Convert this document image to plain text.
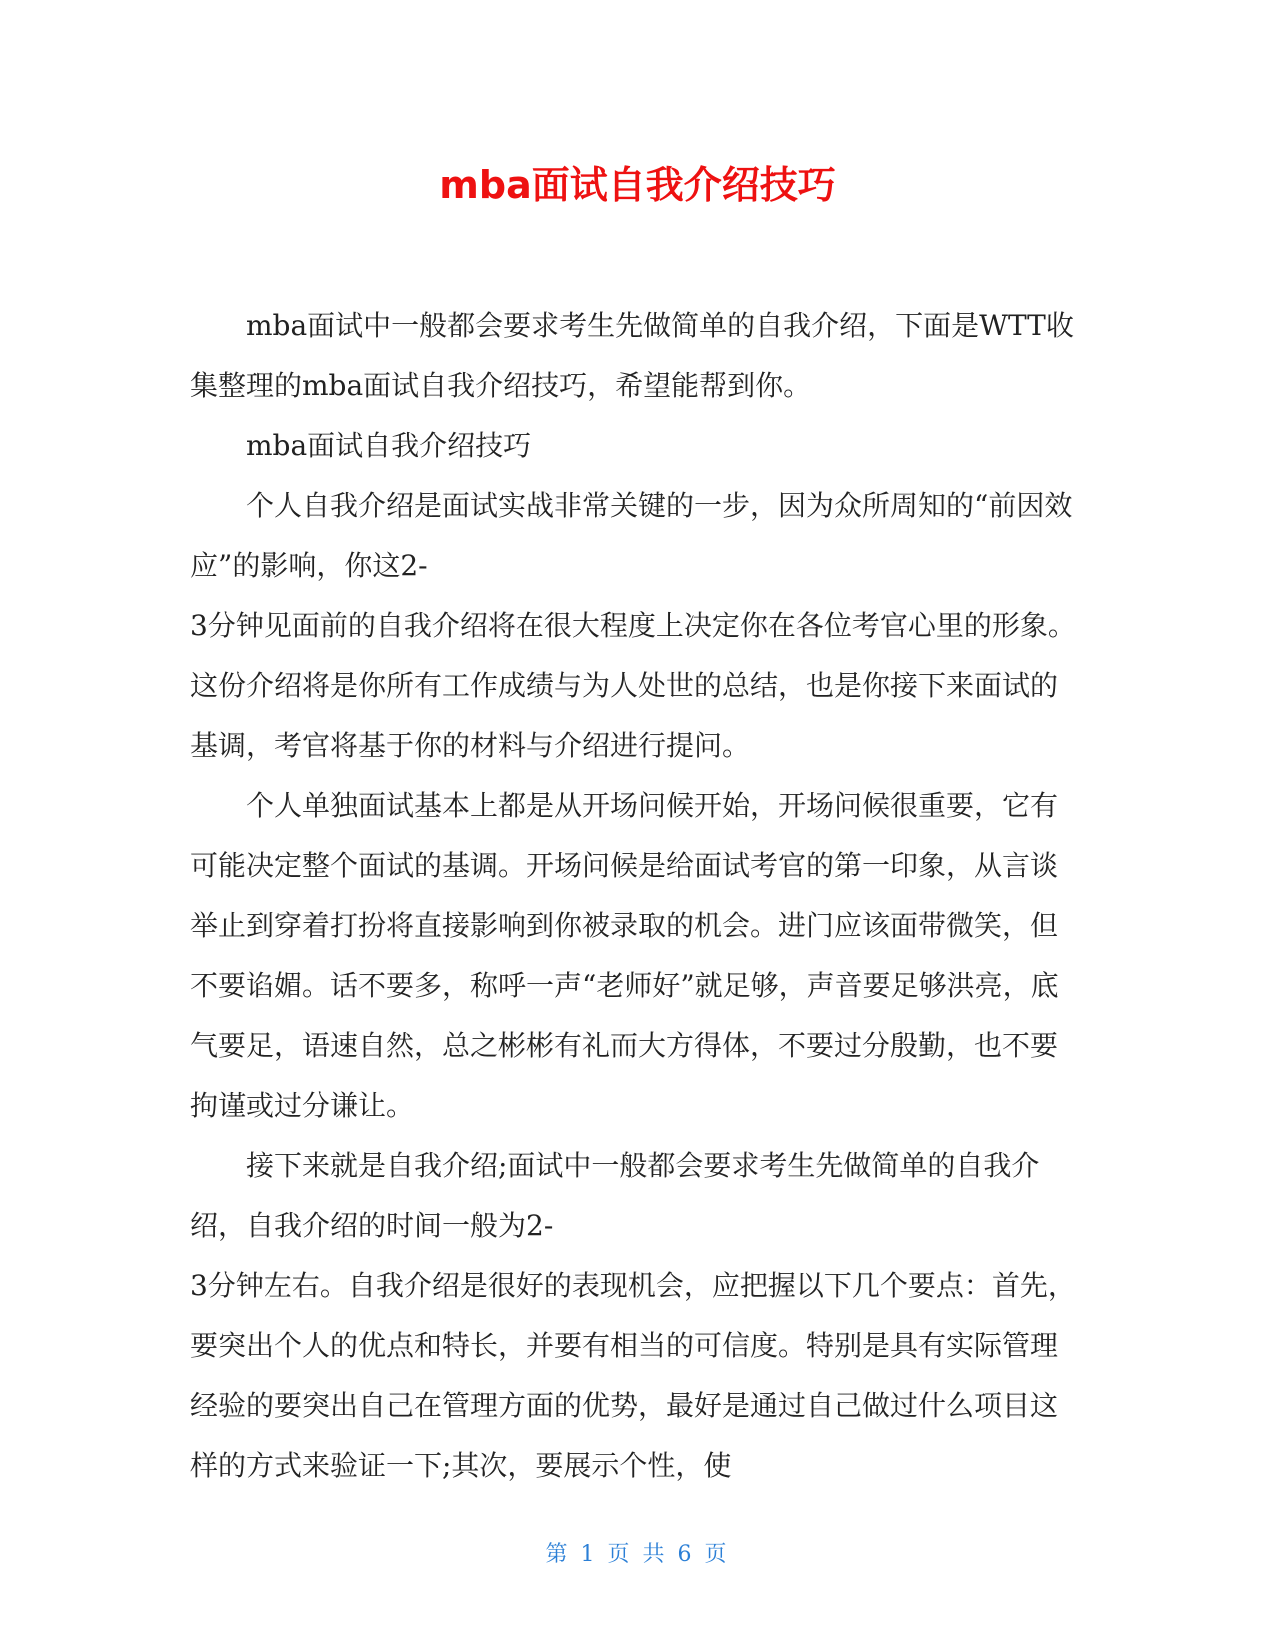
mba面试自我介绍技巧

mba面试中一般都会要求考生先做简单的自我介绍，下面是WTT收集整理的mba面试自我介绍技巧，希望能帮到你。

mba面试自我介绍技巧

个人自我介绍是面试实战非常关键的一步，因为众所周知的“前因效应”的影响，你这2-

3分钟见面前的自我介绍将在很大程度上决定你在各位考官心里的形象。这份介绍将是你所有工作成绩与为人处世的总结，也是你接下来面试的基调，考官将基于你的材料与介绍进行提问。

个人单独面试基本上都是从开场问候开始，开场问候很重要，它有可能决定整个面试的基调。开场问候是给面试考官的第一印象，从言谈举止到穿着打扮将直接影响到你被录取的机会。进门应该面带微笑，但不要谄媚。话不要多，称呼一声“老师好”就足够，声音要足够洪亮，底气要足，语速自然，总之彬彬有礼而大方得体，不要过分殷勤，也不要拘谨或过分谦让。

接下来就是自我介绍;面试中一般都会要求考生先做简单的自我介绍，自我介绍的时间一般为2-

3分钟左右。自我介绍是很好的表现机会，应把握以下几个要点：首先，要突出个人的优点和特长，并要有相当的可信度。特别是具有实际管理经验的要突出自己在管理方面的优势，最好是通过自己做过什么项目这样的方式来验证一下;其次，要展示个性，使

第 1 页 共 6 页
